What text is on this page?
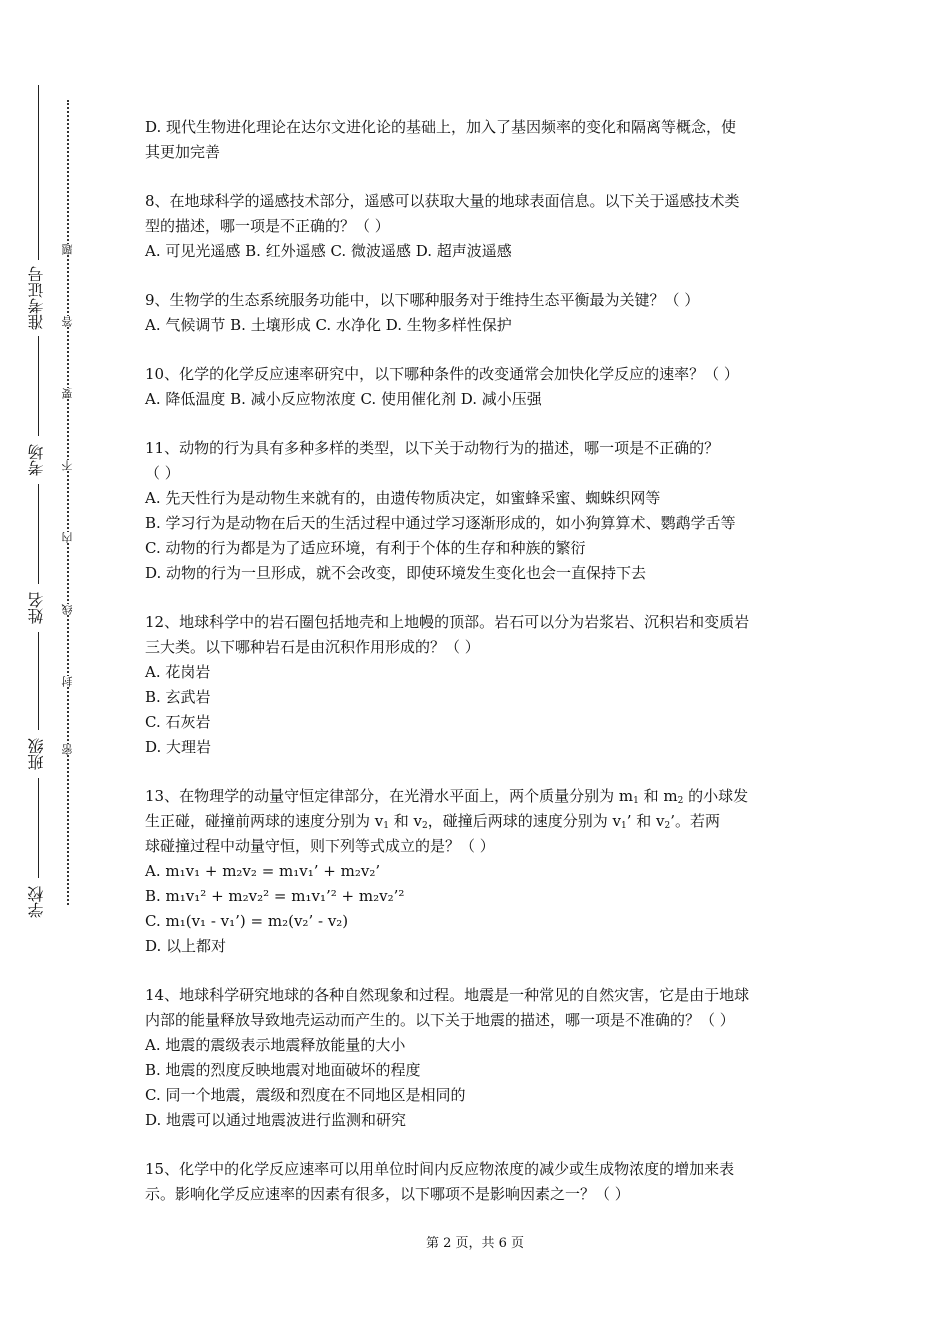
准考证号
考场
姓名
班级
学校
密
封
线
内
不
要
答
题

D. 现代生物进化理论在达尔文进化论的基础上，加入了基因频率的变化和隔离等概念，使

其更加完善

8、在地球科学的遥感技术部分，遥感可以获取大量的地球表面信息。以下关于遥感技术类

型的描述，哪一项是不正确的？（ ）

A. 可见光遥感 B. 红外遥感 C. 微波遥感 D. 超声波遥感

9、生物学的生态系统服务功能中，以下哪种服务对于维持生态平衡最为关键？（ ）

A. 气候调节 B. 土壤形成 C. 水净化 D. 生物多样性保护

10、化学的化学反应速率研究中，以下哪种条件的改变通常会加快化学反应的速率？（ ）

A. 降低温度 B. 减小反应物浓度 C. 使用催化剂 D. 减小压强

11、动物的行为具有多种多样的类型，以下关于动物行为的描述，哪一项是不正确的？

（ ）

A. 先天性行为是动物生来就有的，由遗传物质决定，如蜜蜂采蜜、蜘蛛织网等

B. 学习行为是动物在后天的生活过程中通过学习逐渐形成的，如小狗算算术、鹦鹉学舌等

C. 动物的行为都是为了适应环境，有利于个体的生存和种族的繁衍

D. 动物的行为一旦形成，就不会改变，即使环境发生变化也会一直保持下去

12、地球科学中的岩石圈包括地壳和上地幔的顶部。岩石可以分为岩浆岩、沉积岩和变质岩

三大类。以下哪种岩石是由沉积作用形成的？（ ）

A. 花岗岩

B. 玄武岩

C. 石灰岩

D. 大理岩

13、在物理学的动量守恒定律部分，在光滑水平面上，两个质量分别为 $m_1$ 和 $m_2$ 的小球发

生正碰，碰撞前两球的速度分别为 $v_1$ 和 $v_2$，碰撞后两球的速度分别为 $v_1$’ 和 $v_2$’。若两

球碰撞过程中动量守恒，则下列等式成立的是？（ ）

A. m₁v₁ + m₂v₂ = m₁v₁’ + m₂v₂’

B. m₁v₁² + m₂v₂² = m₁v₁’² + m₂v₂’²

C. m₁(v₁ - v₁’) = m₂(v₂’ - v₂)

D. 以上都对

14、地球科学研究地球的各种自然现象和过程。地震是一种常见的自然灾害，它是由于地球

内部的能量释放导致地壳运动而产生的。以下关于地震的描述，哪一项是不准确的？（ ）

A. 地震的震级表示地震释放能量的大小

B. 地震的烈度反映地震对地面破坏的程度

C. 同一个地震，震级和烈度在不同地区是相同的

D. 地震可以通过地震波进行监测和研究

15、化学中的化学反应速率可以用单位时间内反应物浓度的减少或生成物浓度的增加来表

示。影响化学反应速率的因素有很多，以下哪项不是影响因素之一？（ ）

第 2 页，共 6 页
